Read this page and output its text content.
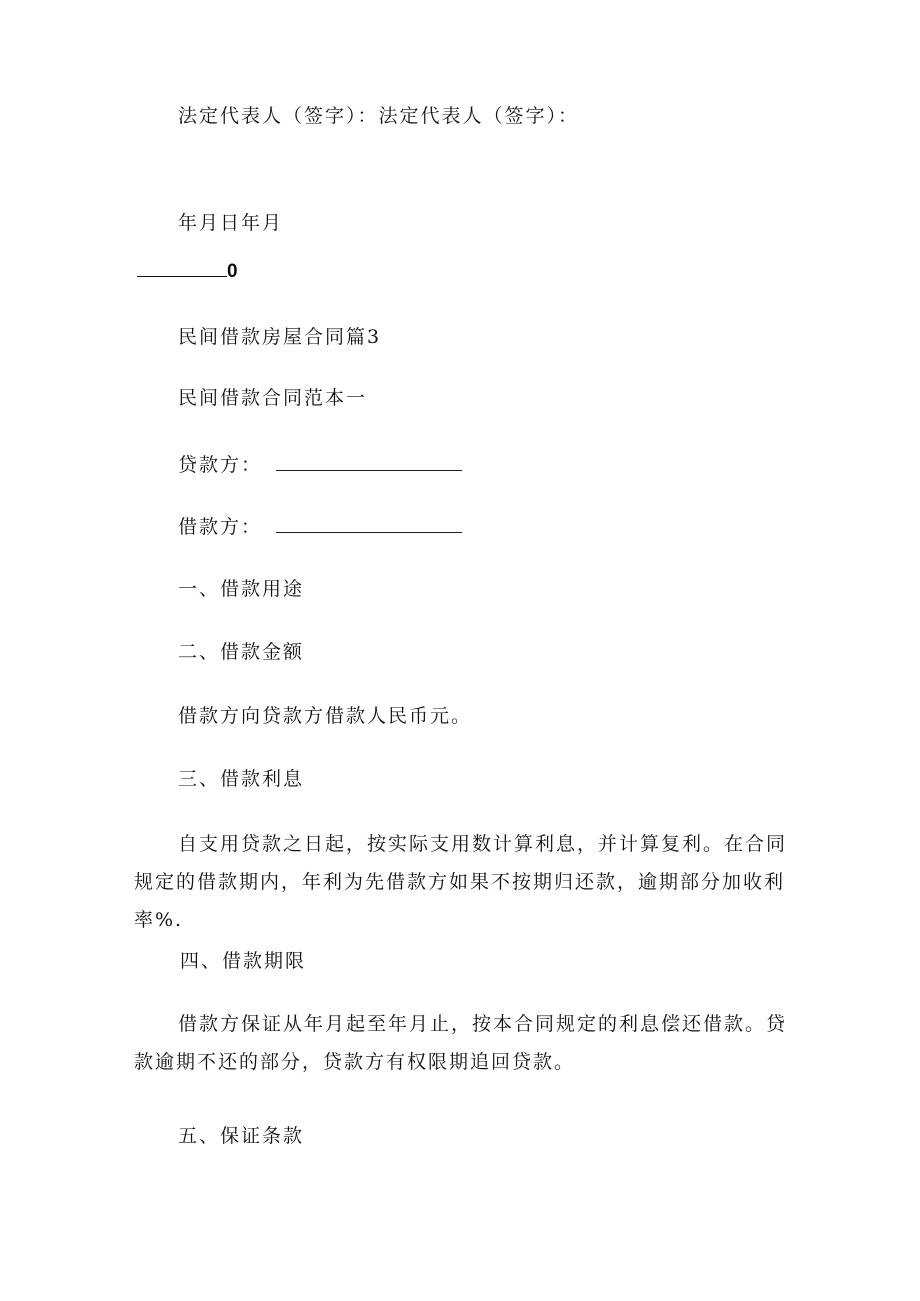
法定代表人（签字）：法定代表人（签字）：
年月日年月
0
民间借款房屋合同篇3
民间借款合同范本一
贷款方：
借款方：
一、借款用途
二、借款金额
借款方向贷款方借款人民币元。
三、借款利息
自支用贷款之日起，按实际支用数计算利息，并计算复利。在合同规定的借款期内，年利为先借款方如果不按期归还款，逾期部分加收利率%.
四、借款期限
借款方保证从年月起至年月止，按本合同规定的利息偿还借款。贷款逾期不还的部分，贷款方有权限期追回贷款。
五、保证条款
